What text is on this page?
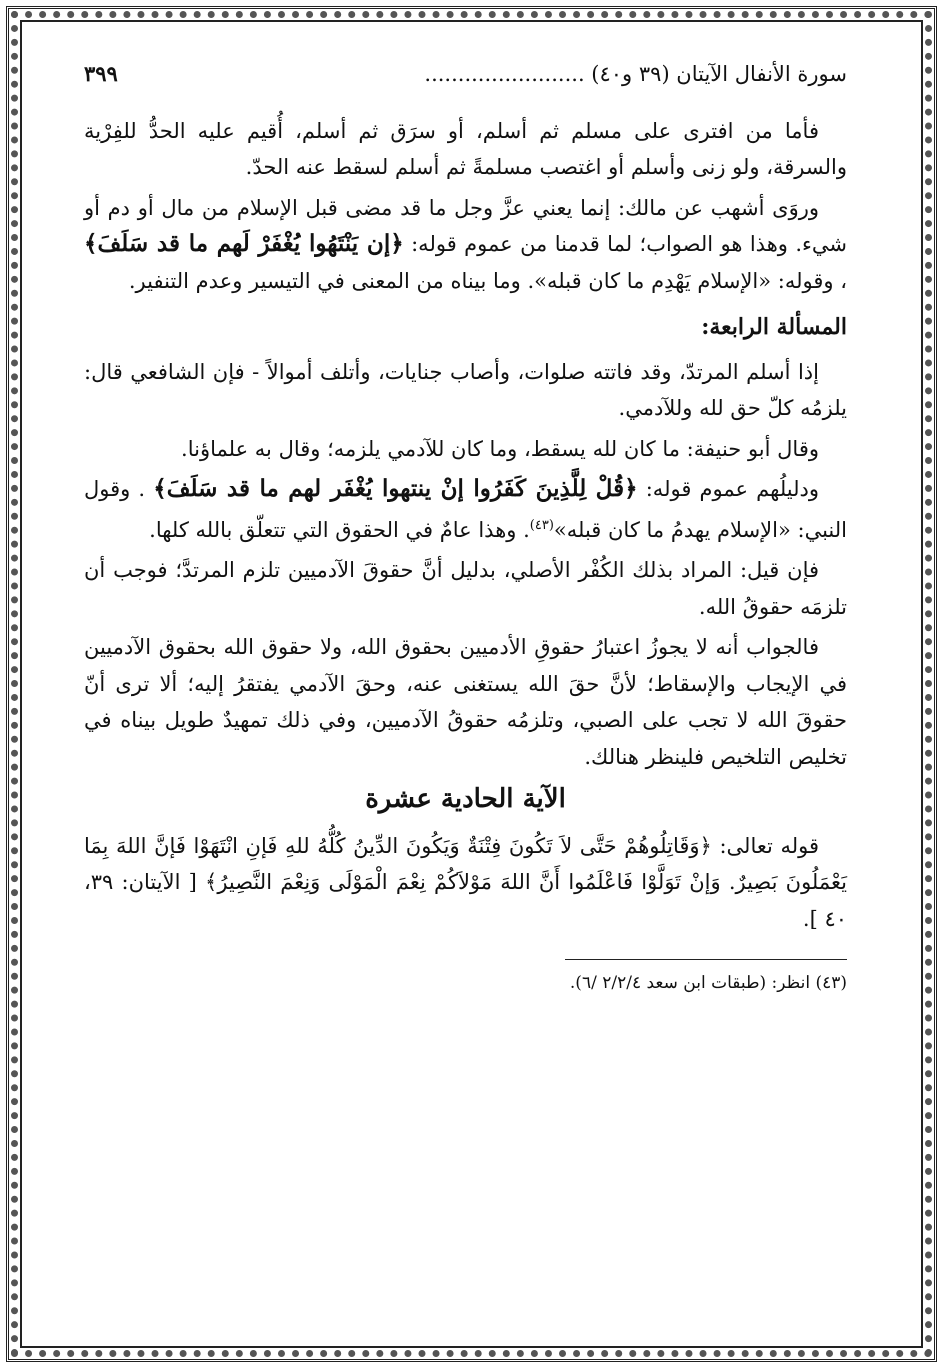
سورة الأنفال الآيتان (٣٩ و٤٠) ........................
٣٩٩

فأما من افترى على مسلم ثم أسلم، أو سرَق ثم أسلم، أُقيم عليه الحدُّ للفِرْية والسرقة، ولو زنى وأسلم أو اغتصب مسلمةً ثم أسلم لسقط عنه الحدّ.

وروَى أشهب عن مالك: إنما يعني عزَّ وجل ما قد مضى قبل الإسلام من مال أو دم أو شيء. وهذا هو الصواب؛ لما قدمنا من عموم قوله: ﴿إن يَنْتَهُوا يُغْفَرْ لَهم ما قد سَلَفَ﴾ ، وقوله: «الإسلام يَهْدِم ما كان قبله». وما بيناه من المعنى في التيسير وعدم التنفير.

المسألة الرابعة:

إذا أسلم المرتدّ، وقد فاتته صلوات، وأصاب جنايات، وأتلف أموالاً - فإن الشافعي قال: يلزمُه كلّ حق لله وللآدمي.

وقال أبو حنيفة: ما كان لله يسقط، وما كان للآدمي يلزمه؛ وقال به علماؤنا.

ودليلُهم عموم قوله: ﴿قُلْ لِلَّذِينَ كَفَرُوا إنْ ينتهوا يُغْفَر لهم ما قد سَلَفَ﴾ . وقول النبي: «الإسلام يهدمُ ما كان قبله»$^{(٤٣)}$. وهذا عامٌ في الحقوق التي تتعلّق بالله كلها.

فإن قيل: المراد بذلك الكُفْر الأصلي، بدليل أنَّ حقوقَ الآدميين تلزم المرتدَّ؛ فوجب أن تلزمَه حقوقُ الله.

فالجواب أنه لا يجوزُ اعتبارُ حقوقِ الأدميين بحقوق الله، ولا حقوق الله بحقوق الآدميين في الإيجاب والإسقاط؛ لأنَّ حقَ الله يستغنى عنه، وحقَ الآدمي يفتقرُ إليه؛ ألا ترى أنّ حقوقَ الله لا تجب على الصبي، وتلزمُه حقوقُ الآدميين، وفي ذلك تمهيدٌ طويل بيناه في تخليص التلخيص فلينظر هنالك.

الآية الحادية عشرة

قوله تعالى: ﴿وَقَاتِلُوهُمْ حَتَّى لاَ تَكُونَ فِتْنَةٌ وَيَكُونَ الدِّينُ كُلُّهُ للهِ فَإنِ انْتَهَوْا فَإنَّ اللهَ بِمَا يَعْمَلُونَ بَصِيرٌ. وَإنْ تَوَلَّوْا فَاعْلَمُوا أَنَّ اللهَ مَوْلاَكُمْ نِعْمَ الْمَوْلَى وَنِعْمَ النَّصِيرُ﴾ [ الآيتان: ٣٩، ٤٠ ].

(٤٣) انظر: (طبقات ابن سعد ٢/٢/٤ /٦).
